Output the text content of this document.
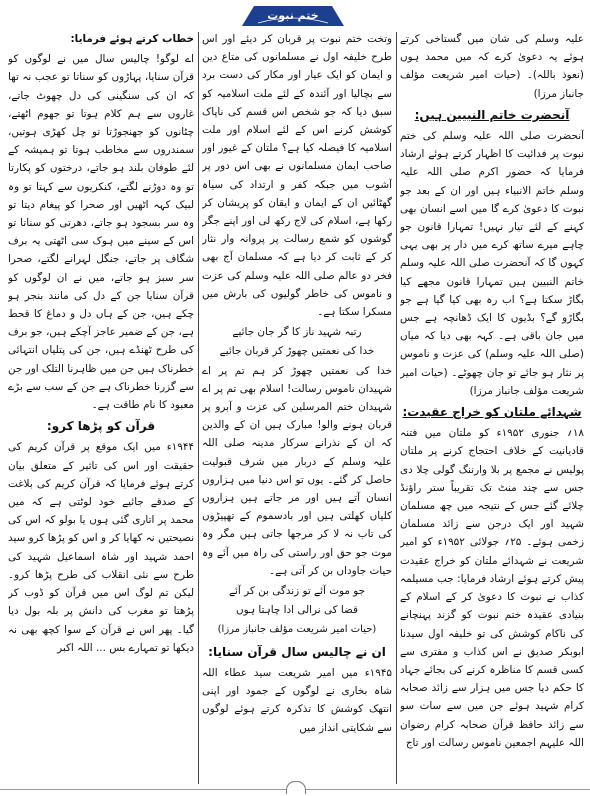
ختم نبوت

علیہ وسلم کی شان میں گستاخی کرتے ہوئے یہ دعویٰ کرے کہ میں محمد ہوں (نعوذ باللہ)۔ (حیات امیر شریعت مؤلف جانباز مرزا)

آنحضرت خاتم النبیین ہیں:

آنحضرت صلی اللہ علیہ وسلم کی ختم نبوت پر فدائیت کا اظہار کرتے ہوئے ارشاد فرمایا کہ حضور اکرم صلی اللہ علیہ وسلم خاتم الانبیاء ہیں اور ان کے بعد جو نبوت کا دعویٰ کرے گا میں اسے انسان بھی کہنے کے لئے تیار نہیں! تمہارا قانون جو چاہے میرے ساتھ کرے میں دار پر بھی یہی کہوں گا کہ آنحضرت صلی اللہ علیہ وسلم خاتم النبیین ہیں تمہارا قانون مجھے کیا بگاڑ سکتا ہے؟ اب رہ بھی کیا گیا ہے جو بگاڑو گے؟ بڈیوں کا ایک ڈھانچہ ہے جس میں جان باقی ہے۔ کہہ بھی دیا کہ میاں (صلی اللہ علیہ وسلم) کی عزت و ناموس پر نثار ہو جائے تو جان چھوٹے۔ (حیات امیر شریعت مؤلف جانباز مرزا)

شہدائے ملتان کو خراج عقیدت:

۱۸؍ جنوری ۱۹۵۲ء کو ملتان میں فتنہ قادیانیت کے خلاف احتجاج کرنے پر ملتان پولیس نے مجمع پر بلا وارننگ گولی چلا دی جس سے چند منٹ تک تقریباً ستر راؤنڈ چلائے گئے جس کے نتیجہ میں چھ مسلمان شہید اور ایک درجن سے زائد مسلمان زخمی ہوئے۔ ۲۵؍ جولائی ۱۹۵۲ء کو امیر شریعت نے شہدائے ملتان کو خراج عقیدت پیش کرتے ہوئے ارشاد فرمایا: جب مسیلمہ کذاب نے نبوت کا دعویٰ کر کے اسلام کے بنیادی عقیدہ ختم نبوت کو گزند پہنچانے کی ناکام کوشش کی تو خلیفہ اول سیدنا ابوبکر صدیق نے اس کذاب و مفتری سے کسی قسم کا مناظرہ کرنے کی بجائے جہاد کا حکم دیا جس میں ہزار سے زائد صحابہ کرام شہید ہوئے جن میں سے سات سو سے زائد حافظ قرآن صحابہ کرام رضوان اللہ علیہم اجمعین ناموس رسالت اور تاج

وتخت ختم نبوت پر قربان کر دیئے اور اس طرح خلیفہ اول نے مسلمانوں کی متاع دین و ایمان کو ایک عیار اور مکار کی دست برد سے بچالیا اور آئندہ کے لئے ملت اسلامیہ کو سبق دیا کہ جو شخص اس قسم کی ناپاک کوشش کرنے اس کے لئے اسلام اور ملت اسلامیہ کا فیصلہ کیا ہے؟ ملتان کے غیور اور صاحب ایمان مسلمانوں نے بھی اس دور پر آشوب میں جبکہ کفر و ارتداد کی سیاہ گھٹائیں ان کے ایمان و ایقان کو پریشان کر رکھا ہے، اسلام کی لاج رکھ لی اور اپنے جگر گوشوں کو شمع رسالت پر پروانہ وار نثار کر کے ثابت کر دیا ہے کہ مسلمان آج بھی فخر دو عالم صلی اللہ علیہ وسلم کی عزت و ناموس کی خاطر گولیوں کی بارش میں مسکرا سکتا ہے۔

رتبہ شہید ناز کا گر جان جائیے
خدا کی نعمتیں چھوڑ کر قربان جائیے

خدا کی نعمتیں چھوڑ کر ہم تم پر اے شہیدان ناموس رسالت! اسلام بھی تم پر اے شہیدان ختم المرسلین کی عزت و آبرو پر قربان ہونے والو! مبارک ہیں ان کے والدین کہ ان کے نذرانے سرکار مدینہ صلی اللہ علیہ وسلم کے دربار میں شرف قبولیت حاصل کر گئے۔ یوں تو اس دنیا میں ہزاروں انسان آتے ہیں اور مر جاتے ہیں ہزاروں کلیاں کھلتی ہیں اور بادسموم کے تھپیڑوں کی تاب نہ لا کر مرجھا جاتی ہیں مگر وہ موت جو حق اور راستی کی راہ میں آئے وہ حیات جاوداں بن کر آتی ہے۔

جو موت آئے تو زندگی بن کر آئے
قضا کی نرالی ادا چاہتا ہوں
(حیات امیر شریعت مؤلف جانباز مرزا)
ان نے چالیس سال قرآن سنایا:

۱۹۴۵ء میں امیر شریعت سید عطاء اللہ شاہ بخاری نے لوگوں کے جمود اور اپنی انتھک کوشش کا تذکرہ کرتے ہوئے لوگوں سے شکایتی انداز میں

خطاب کرتے ہوئے فرمایا:

اے لوگو! چالیس سال میں نے لوگوں کو قرآن سنایا، پہاڑوں کو سناتا تو عجب نہ تھا کہ ان کی سنگینی کی دل چھوٹ جاتے، غاروں سے ہم کلام ہوتا تو جھوم اٹھتے، چٹانوں کو جھنجوڑتا تو چل کھڑی ہوتیں، سمندروں سے مخاطب ہوتا تو ہمیشہ کے لئے طوفان بلند ہو جاتے، درختوں کو پکارتا تو وہ دوڑنے لگتے، کنکریوں سے کہتا تو وہ لبیک کہہ اٹھیں اور صحرا کو پیغام دیتا تو وہ سر بسجود ہو جاتے، دھرتی کو سناتا تو اس کے سینے میں ہوک سی اٹھتی یہ برف شگاف پر جاتے، جنگل لہرانے لگتے، صحرا سر سبز ہو جاتے، میں نے ان لوگوں کو قرآن سنایا جن کے دل کی مانند بنجر ہو چکے ہیں، جن کے ہاں دل و دماغ کا قحط ہے، جن کے ضمیر عاجز آچکے ہیں، جو برف کی طرح ٹھنڈے ہیں، جن کی پتلیاں انتہائی خطرناک ہیں جن میں ظاہرنا التلک اور جن سے گزرنا خطرناک ہے جن کے سب سے بڑے معبود کا نام طاقت ہے۔

قرآن کو پڑھا کرو:

۱۹۴۴ء میں ایک موقع پر قرآن کریم کی حقیقت اور اس کی تاثیر کے متعلق بیان کرتے ہوئے فرمایا کہ قرآن کریم کی بلاغت کے صدقے جائیے خود لوٹتی ہے کہ میں محمد پر اتاری گئی ہوں یا بولو کہ اس کی نصیحتیں نہ کھایا کر و اس کو پڑھا کرو سید احمد شہید اور شاہ اسماعیل شہید کی طرح سے نئی انقلاب کی طرح پڑھا کرو۔ لیکن تم لوگ اس میں قرآن کو ڈوب کر پڑھتا تو مغرب کی دانش پر بلہ بول دیا گیا۔ پھر اس نے قرآن کے سوا کچھ بھی نہ دیکھا تو تمہارے بس ... اللہ اکبر
